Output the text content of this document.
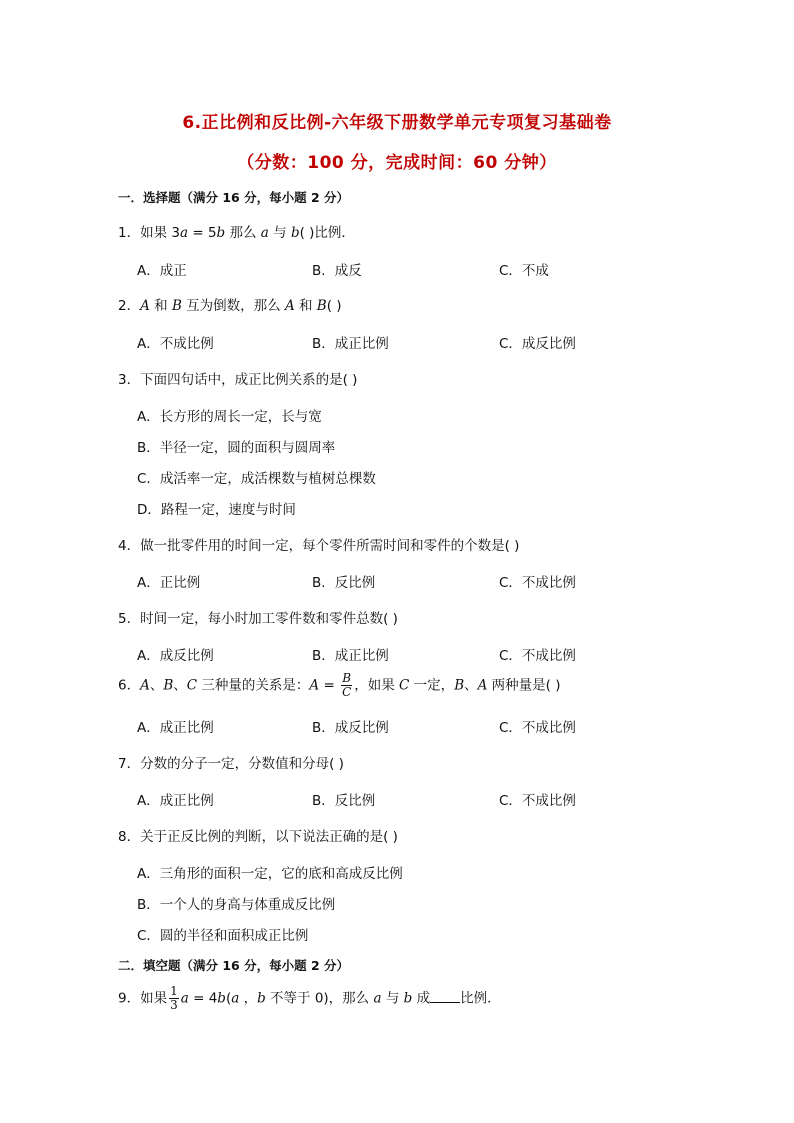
6.正比例和反比例-六年级下册数学单元专项复习基础卷
（分数：100 分，完成时间：60 分钟）
一．选择题（满分 16 分，每小题 2 分）
1．如果 3a = 5b 那么 a 与 b( )比例．
A．成正	B．成反	C．不成
2．A 和 B 互为倒数，那么 A 和 B( )
A．不成比例	B．成正比例	C．成反比例
3．下面四句话中，成正比例关系的是( )
A．长方形的周长一定，长与宽
B．半径一定，圆的面积与圆周率
C．成活率一定，成活棵数与植树总棵数
D．路程一定，速度与时间
4．做一批零件用的时间一定，每个零件所需时间和零件的个数是( )
A．正比例	B．反比例	C．不成比例
5．时间一定，每小时加工零件数和零件总数( )
A．成反比例	B．成正比例	C．不成比例
6．A、B、C 三种量的关系是：$A = \frac{B}{C}$ ，如果 C 一定，B、A 两种量是( )
A．成正比例	B．成反比例	C．不成比例
7．分数的分子一定，分数值和分母( )
A．成正比例	B．反比例	C．不成比例
8．关于正反比例的判断，以下说法正确的是( )
A．三角形的面积一定，它的底和高成反比例
B．一个人的身高与体重成反比例
C．圆的半径和面积成正比例
二．填空题（满分 16 分，每小题 2 分）
9．如果 $\frac{1}{3}$ a = 4b(a ，b 不等于 0)，那么 a 与 b 成 比例．
